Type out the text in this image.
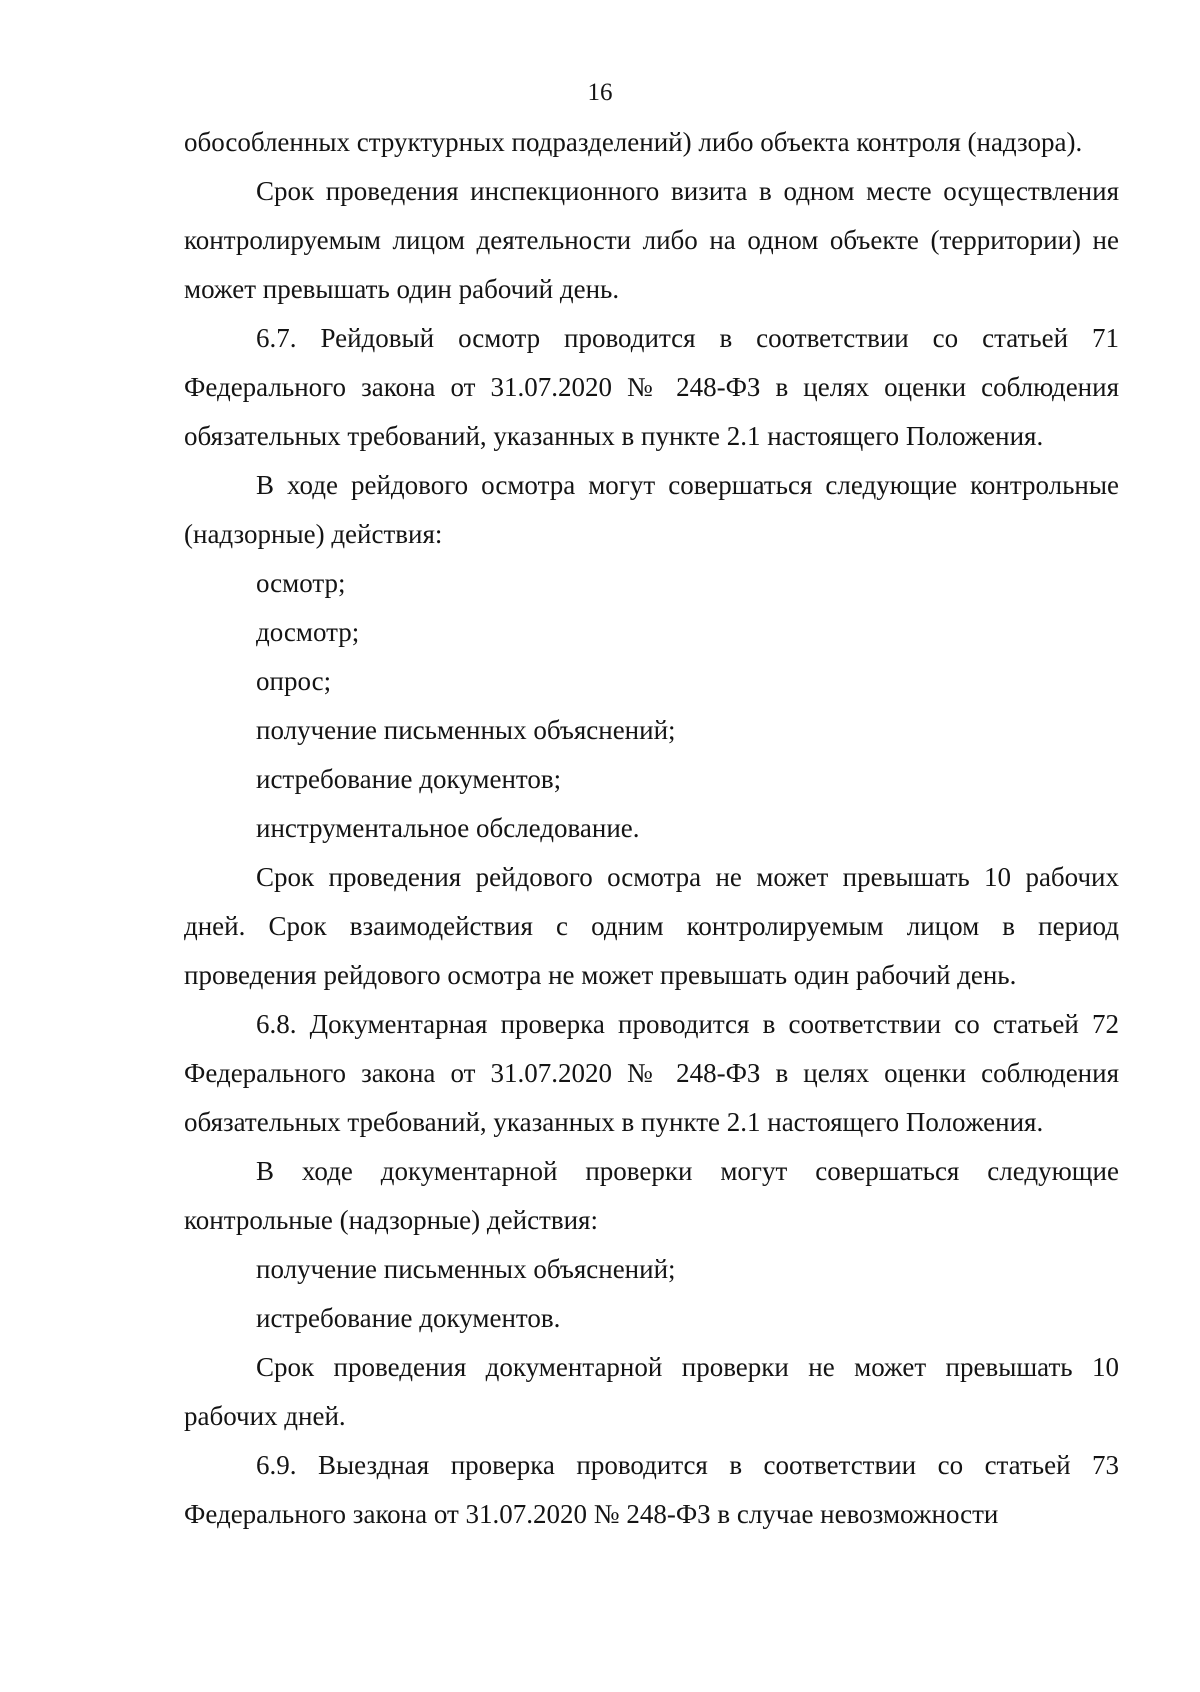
16

обособленных структурных подразделений) либо объекта контроля (надзора).

Срок проведения инспекционного визита в одном месте осуществления контролируемым лицом деятельности либо на одном объекте (территории) не может превышать один рабочий день.

6.7. Рейдовый осмотр проводится в соответствии со статьей 71 Федерального закона от 31.07.2020 № 248-ФЗ в целях оценки соблюдения обязательных требований, указанных в пункте 2.1 настоящего Положения.

В ходе рейдового осмотра могут совершаться следующие контрольные (надзорные) действия:

осмотр;

досмотр;

опрос;

получение письменных объяснений;

истребование документов;

инструментальное обследование.

Срок проведения рейдового осмотра не может превышать 10 рабочих дней. Срок взаимодействия с одним контролируемым лицом в период проведения рейдового осмотра не может превышать один рабочий день.

6.8. Документарная проверка проводится в соответствии со статьей 72 Федерального закона от 31.07.2020 № 248-ФЗ в целях оценки соблюдения обязательных требований, указанных в пункте 2.1 настоящего Положения.

В ходе документарной проверки могут совершаться следующие контрольные (надзорные) действия:

получение письменных объяснений;

истребование документов.

Срок проведения документарной проверки не может превышать 10 рабочих дней.

6.9. Выездная проверка проводится в соответствии со статьей 73 Федерального закона от 31.07.2020 № 248-ФЗ в случае невозможности
